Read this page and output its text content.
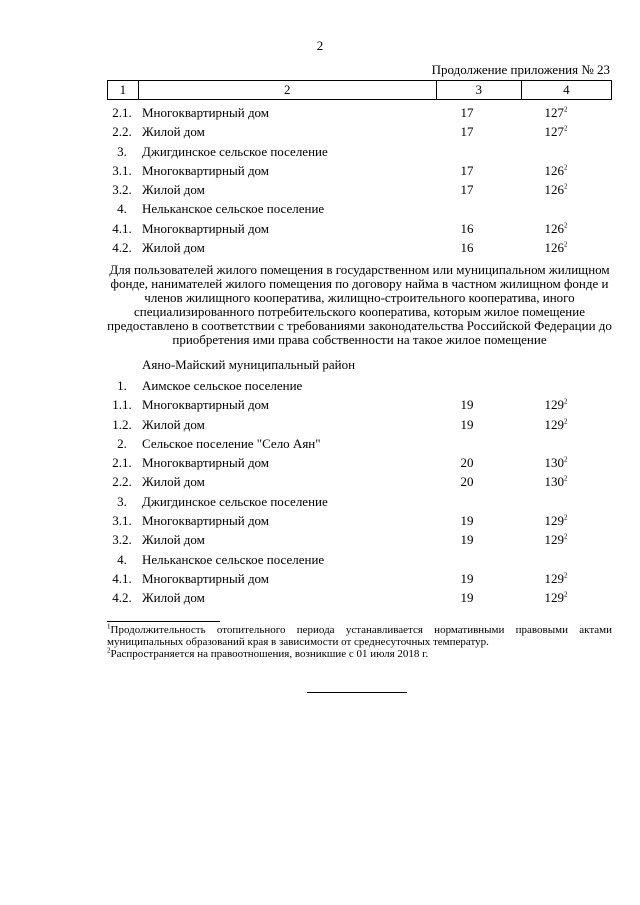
2
Продолжение приложения № 23
1	2	3	4
2.1. Многоквартирный дом	17	$127^2$
2.2. Жилой дом	17	$127^2$
3.	Джигдинское сельское поселение
3.1. Многоквартирный дом	17	$126^2$
3.2. Жилой дом	17	$126^2$
4.	Нельканское сельское поселение
4.1. Многоквартирный дом	16	$126^2$
4.2. Жилой дом	16	$126^2$
Для пользователей жилого помещения в государственном или муниципальном жилищном фонде, нанимателей жилого помещения по договору найма в частном жилищном фонде и членов жилищного кооператива, жилищно-строительного кооператива, иного специализированного потребительского кооператива, которым жилое помещение предоставлено в соответствии с требованиями законодательства Российской Федерации до приобретения ими права собственности на такое жилое помещение
Аяно-Майский муниципальный район
1.	Аимское сельское поселение
1.1. Многоквартирный дом	19	$129^2$
1.2. Жилой дом	19	$129^2$
2.	Сельское поселение "Село Аян"
2.1. Многоквартирный дом	20	$130^2$
2.2. Жилой дом	20	$130^2$
3.	Джигдинское сельское поселение
3.1. Многоквартирный дом	19	$129^2$
3.2. Жилой дом	19	$129^2$
4.	Нельканское сельское поселение
4.1. Многоквартирный дом	19	$129^2$
4.2. Жилой дом	19	$129^2$
$^1$Продолжительность отопительного периода устанавливается нормативными правовыми актами муниципальных образований края в зависимости от среднесуточных температур.
$^2$Распространяется на правоотношения, возникшие с 01 июля 2018 г.
